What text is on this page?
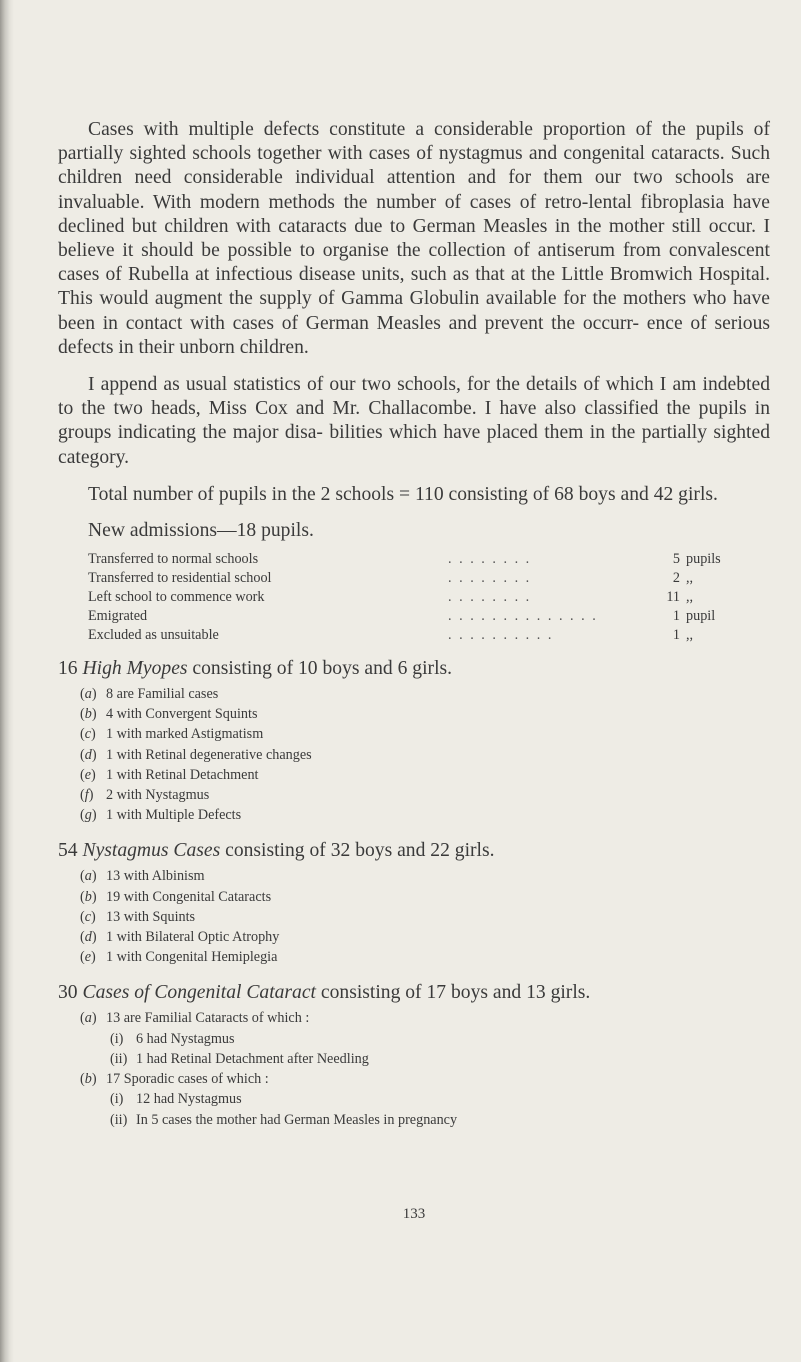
Cases with multiple defects constitute a considerable proportion of the pupils of partially sighted schools together with cases of nystagmus and congenital cataracts. Such children need considerable individual attention and for them our two schools are invaluable. With modern methods the number of cases of retro-lental fibroplasia have declined but children with cataracts due to German Measles in the mother still occur. I believe it should be possible to organise the collection of antiserum from convalescent cases of Rubella at infectious disease units, such as that at the Little Bromwich Hospital. This would augment the supply of Gamma Globulin available for the mothers who have been in contact with cases of German Measles and prevent the occurr- ence of serious defects in their unborn children.

I append as usual statistics of our two schools, for the details of which I am indebted to the two heads, Miss Cox and Mr. Challacombe. I have also classified the pupils in groups indicating the major disa- bilities which have placed them in the partially sighted category.

Total number of pupils in the 2 schools = 110 consisting of 68 boys and 42 girls.

New admissions—18 pupils.
Transferred to normal schools	. . . . . . . .	5 pupils
Transferred to residential school	. . . . . . . .	2 ,,
Left school to commence work	. . . . . . . .	11 ,,
Emigrated	. . . . . . . . . . . . . .	1 pupil
Excluded as unsuitable	. . . . . . . . . .	1 ,,
16 High Myopes consisting of 10 boys and 6 girls.
(a) 8 are Familial cases
(b) 4 with Convergent Squints
(c) 1 with marked Astigmatism
(d) 1 with Retinal degenerative changes
(e) 1 with Retinal Detachment
(f) 2 with Nystagmus
(g) 1 with Multiple Defects
54 Nystagmus Cases consisting of 32 boys and 22 girls.
(a) 13 with Albinism
(b) 19 with Congenital Cataracts
(c) 13 with Squints
(d) 1 with Bilateral Optic Atrophy
(e) 1 with Congenital Hemiplegia
30 Cases of Congenital Cataract consisting of 17 boys and 13 girls.
(a) 13 are Familial Cataracts of which :
(i) 6 had Nystagmus
(ii) 1 had Retinal Detachment after Needling
(b) 17 Sporadic cases of which :
(i) 12 had Nystagmus
(ii) In 5 cases the mother had German Measles in pregnancy
133
